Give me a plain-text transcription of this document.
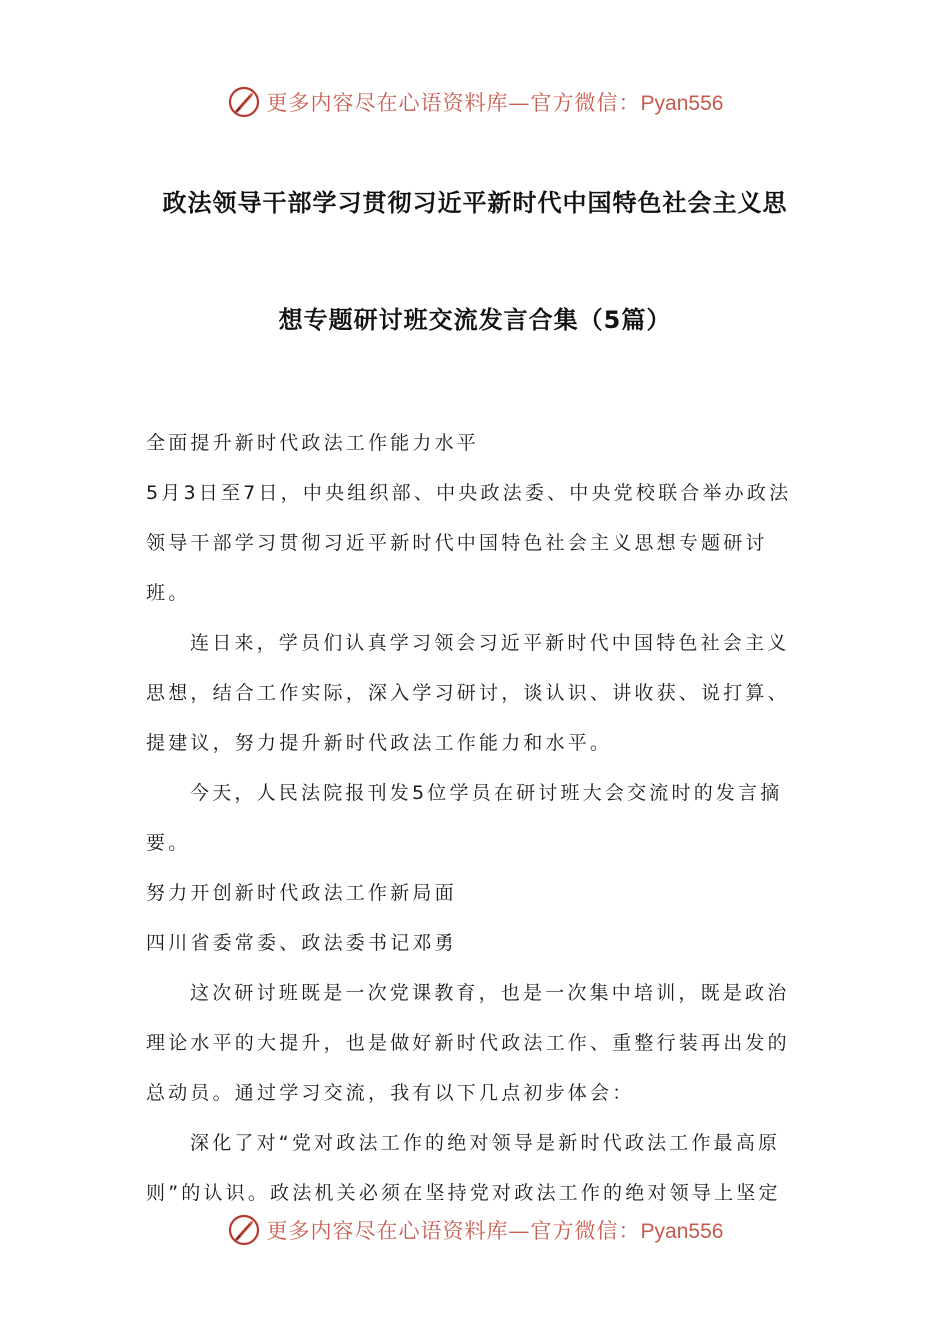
更多内容尽在心语资料库—官方微信：Pyan556
政法领导干部学习贯彻习近平新时代中国特色社会主义思
想专题研讨班交流发言合集（5篇）

全面提升新时代政法工作能力水平

5月3日至7日，中央组织部、中央政法委、中央党校联合举办政法领导干部学习贯彻习近平新时代中国特色社会主义思想专题研讨班。

连日来，学员们认真学习领会习近平新时代中国特色社会主义思想，结合工作实际，深入学习研讨，谈认识、讲收获、说打算、提建议，努力提升新时代政法工作能力和水平。

今天，人民法院报刊发5位学员在研讨班大会交流时的发言摘要。

努力开创新时代政法工作新局面

四川省委常委、政法委书记邓勇

这次研讨班既是一次党课教育，也是一次集中培训，既是政治理论水平的大提升，也是做好新时代政法工作、重整行装再出发的总动员。通过学习交流，我有以下几点初步体会：

深化了对“党对政法工作的绝对领导是新时代政法工作最高原则”的认识。政法机关必须在坚持党对政法工作的绝对领导上坚定

更多内容尽在心语资料库—官方微信：Pyan556
